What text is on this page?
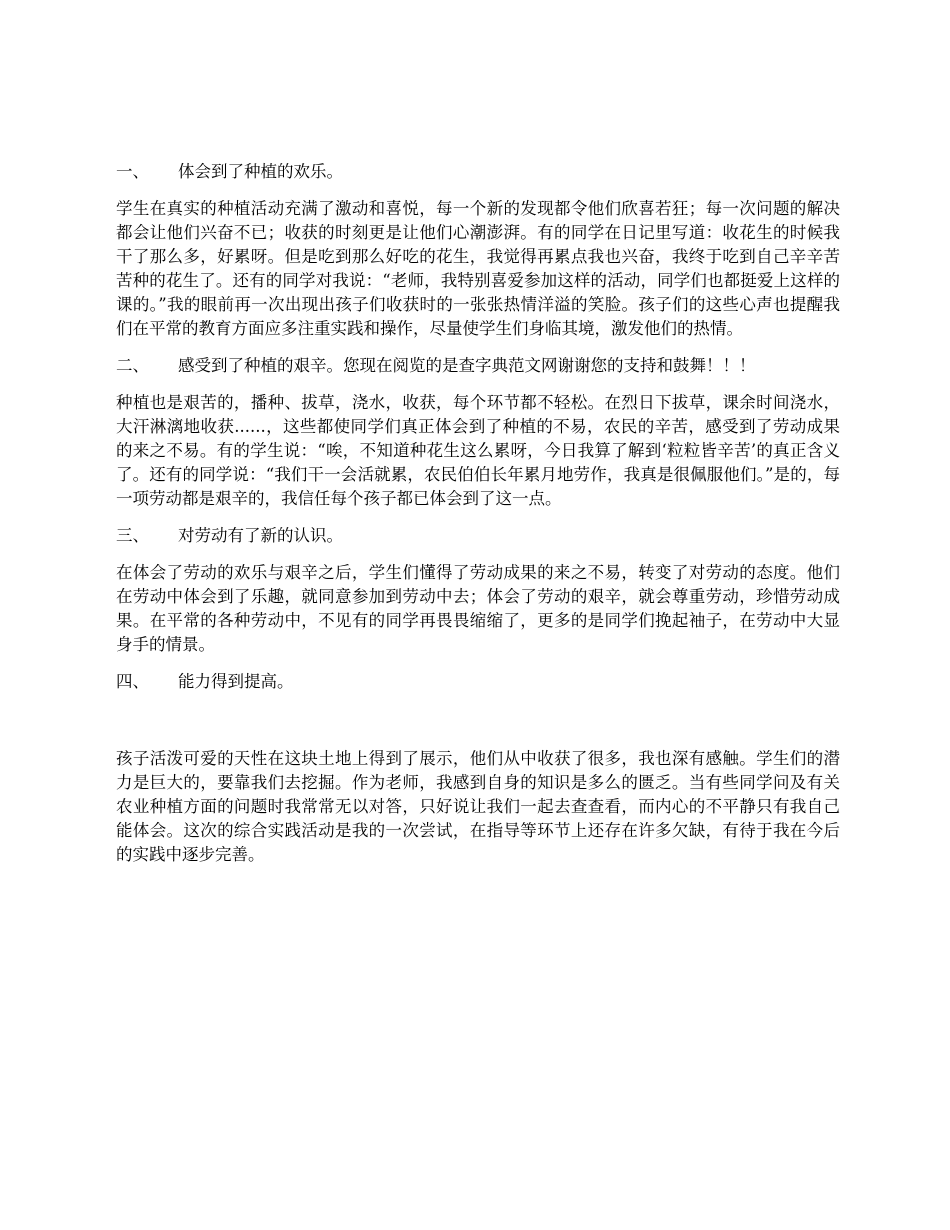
一、 体会到了种植的欢乐。

学生在真实的种植活动充满了激动和喜悦，每一个新的发现都令他们欣喜若狂；每一次问题的解决都会让他们兴奋不已；收获的时刻更是让他们心潮澎湃。有的同学在日记里写道：收花生的时候我干了那么多，好累呀。但是吃到那么好吃的花生，我觉得再累点我也兴奋，我终于吃到自己辛辛苦苦种的花生了。还有的同学对我说：“老师，我特别喜爱参加这样的活动，同学们也都挺爱上这样的课的。”我的眼前再一次出现出孩子们收获时的一张张热情洋溢的笑脸。孩子们的这些心声也提醒我们在平常的教育方面应多注重实践和操作，尽量使学生们身临其境，激发他们的热情。

二、 感受到了种植的艰辛。您现在阅览的是查字典范文网谢谢您的支持和鼓舞！！！

种植也是艰苦的，播种、拔草，浇水，收获，每个环节都不轻松。在烈日下拔草，课余时间浇水，大汗淋漓地收获......，这些都使同学们真正体会到了种植的不易，农民的辛苦，感受到了劳动成果的来之不易。有的学生说：“唉，不知道种花生这么累呀，今日我算了解到‘粒粒皆辛苦’的真正含义了。还有的同学说：“我们干一会活就累，农民伯伯长年累月地劳作，我真是很佩服他们。”是的，每一项劳动都是艰辛的，我信任每个孩子都已体会到了这一点。

三、 对劳动有了新的认识。

在体会了劳动的欢乐与艰辛之后，学生们懂得了劳动成果的来之不易，转变了对劳动的态度。他们在劳动中体会到了乐趣，就同意参加到劳动中去；体会了劳动的艰辛，就会尊重劳动，珍惜劳动成果。在平常的各种劳动中，不见有的同学再畏畏缩缩了，更多的是同学们挽起袖子，在劳动中大显身手的情景。

四、 能力得到提高。

孩子活泼可爱的天性在这块土地上得到了展示，他们从中收获了很多，我也深有感触。学生们的潜力是巨大的，要靠我们去挖掘。作为老师，我感到自身的知识是多么的匮乏。当有些同学问及有关农业种植方面的问题时我常常无以对答，只好说让我们一起去查查看，而内心的不平静只有我自己能体会。这次的综合实践活动是我的一次尝试，在指导等环节上还存在许多欠缺，有待于我在今后的实践中逐步完善。
